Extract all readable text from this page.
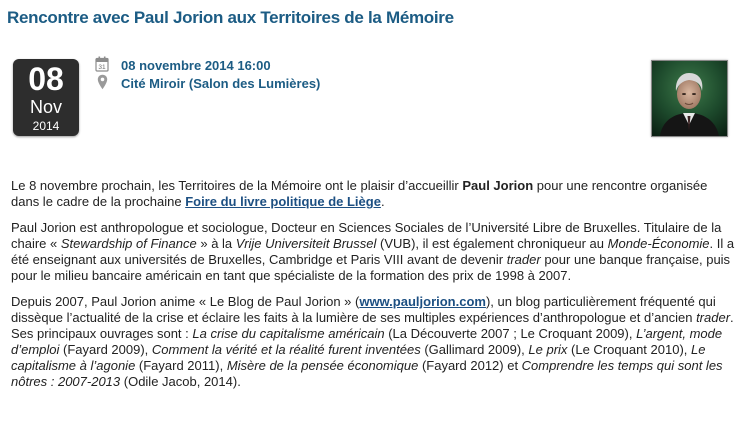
Rencontre avec Paul Jorion aux Territoires de la Mémoire
08
Nov
2014
31 08 novembre 2014 16:00
Cité Miroir (Salon des Lumières)

Le 8 novembre prochain, les Territoires de la Mémoire ont le plaisir d’accueillir Paul Jorion pour une rencontre organisée dans le cadre de la prochaine Foire du livre politique de Liège.

Paul Jorion est anthropologue et sociologue, Docteur en Sciences Sociales de l’Université Libre de Bruxelles. Titulaire de la chaire « Stewardship of Finance » à la Vrije Universiteit Brussel (VUB), il est également chroniqueur au Monde-Économie. Il a été enseignant aux universités de Bruxelles, Cambridge et Paris VIII avant de devenir trader pour une banque française, puis pour le milieu bancaire américain en tant que spécialiste de la formation des prix de 1998 à 2007.

Depuis 2007, Paul Jorion anime « Le Blog de Paul Jorion » (www.pauljorion.com), un blog particulièrement fréquenté qui dissèque l’actualité de la crise et éclaire les faits à la lumière de ses multiples expériences d’anthropologue et d’ancien trader. Ses principaux ouvrages sont : La crise du capitalisme américain (La Découverte 2007 ; Le Croquant 2009), L’argent, mode d’emploi (Fayard 2009), Comment la vérité et la réalité furent inventées (Gallimard 2009), Le prix (Le Croquant 2010), Le capitalisme à l’agonie (Fayard 2011), Misère de la pensée économique (Fayard 2012) et Comprendre les temps qui sont les nôtres : 2007-2013 (Odile Jacob, 2014).
